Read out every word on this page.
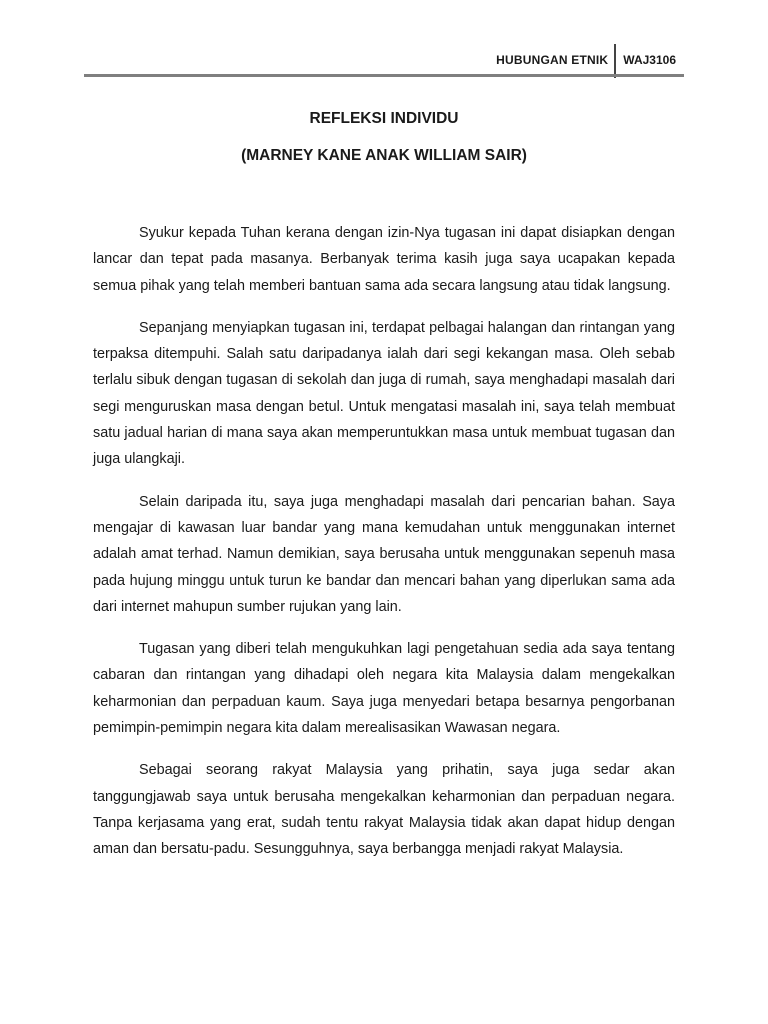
HUBUNGAN ETNIK	WAJ3106
REFLEKSI INDIVIDU
(MARNEY KANE ANAK WILLIAM SAIR)

Syukur kepada Tuhan kerana dengan izin-Nya tugasan ini dapat disiapkan dengan lancar dan tepat pada masanya. Berbanyak terima kasih juga saya ucapakan kepada semua pihak yang telah memberi bantuan sama ada secara langsung atau tidak langsung.

Sepanjang menyiapkan tugasan ini, terdapat pelbagai halangan dan rintangan yang terpaksa ditempuhi. Salah satu daripadanya ialah dari segi kekangan masa. Oleh sebab terlalu sibuk dengan tugasan di sekolah dan juga di rumah, saya menghadapi masalah dari segi menguruskan masa dengan betul. Untuk mengatasi masalah ini, saya telah membuat satu jadual harian di mana saya akan memperuntukkan masa untuk membuat tugasan dan juga ulangkaji.

Selain daripada itu, saya juga menghadapi masalah dari pencarian bahan. Saya mengajar di kawasan luar bandar yang mana kemudahan untuk menggunakan internet adalah amat terhad. Namun demikian, saya berusaha untuk menggunakan sepenuh masa pada hujung minggu untuk turun ke bandar dan mencari bahan yang diperlukan sama ada dari internet mahupun sumber rujukan yang lain.

Tugasan yang diberi telah mengukuhkan lagi pengetahuan sedia ada saya tentang cabaran dan rintangan yang dihadapi oleh negara kita Malaysia dalam mengekalkan keharmonian dan perpaduan kaum. Saya juga menyedari betapa besarnya pengorbanan pemimpin-pemimpin negara kita dalam merealisasikan Wawasan negara.

Sebagai seorang rakyat Malaysia yang prihatin, saya juga sedar akan tanggungjawab saya untuk berusaha mengekalkan keharmonian dan perpaduan negara. Tanpa kerjasama yang erat, sudah tentu rakyat Malaysia tidak akan dapat hidup dengan aman dan bersatu-padu. Sesungguhnya, saya berbangga menjadi rakyat Malaysia.
